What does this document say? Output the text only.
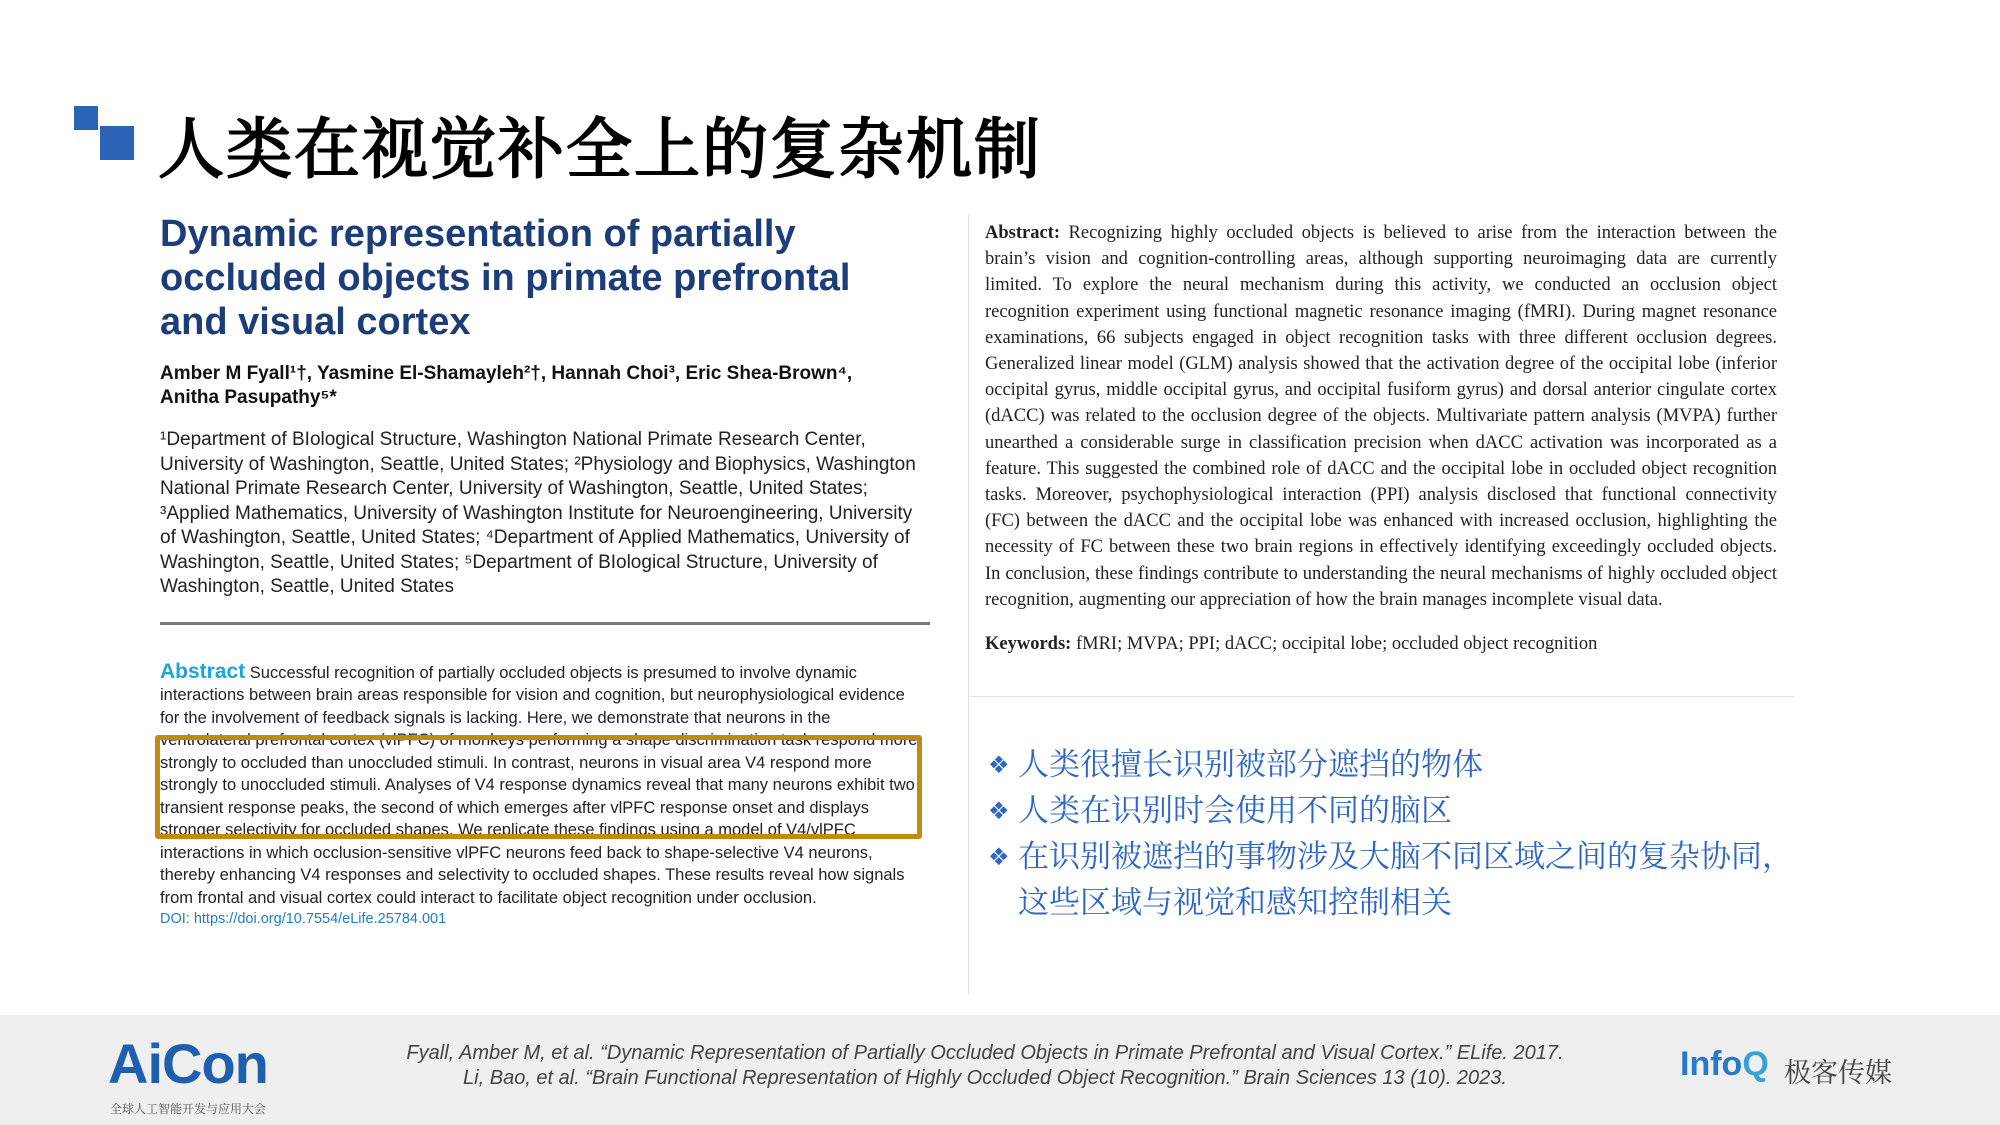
人类在视觉补全上的复杂机制
Dynamic representation of partially occluded objects in primate prefrontal and visual cortex
Amber M Fyall¹†, Yasmine El-Shamayleh²†, Hannah Choi³, Eric Shea-Brown⁴, Anitha Pasupathy⁵*
¹Department of BIological Structure, Washington National Primate Research Center, University of Washington, Seattle, United States; ²Physiology and Biophysics, Washington National Primate Research Center, University of Washington, Seattle, United States; ³Applied Mathematics, University of Washington Institute for Neuroengineering, University of Washington, Seattle, United States; ⁴Department of Applied Mathematics, University of Washington, Seattle, United States; ⁵Department of BIological Structure, University of Washington, Seattle, United States
Abstract Successful recognition of partially occluded objects is presumed to involve dynamic interactions between brain areas responsible for vision and cognition, but neurophysiological evidence for the involvement of feedback signals is lacking. Here, we demonstrate that neurons in the ventrolateral prefrontal cortex (vlPFC) of monkeys performing a shape discrimination task respond more strongly to occluded than unoccluded stimuli. In contrast, neurons in visual area V4 respond more strongly to unoccluded stimuli. Analyses of V4 response dynamics reveal that many neurons exhibit two transient response peaks, the second of which emerges after vlPFC response onset and displays stronger selectivity for occluded shapes. We replicate these findings using a model of V4/vlPFC interactions in which occlusion-sensitive vlPFC neurons feed back to shape-selective V4 neurons, thereby enhancing V4 responses and selectivity to occluded shapes. These results reveal how signals from frontal and visual cortex could interact to facilitate object recognition under occlusion.
DOI: https://doi.org/10.7554/eLife.25784.001
Abstract: Recognizing highly occluded objects is believed to arise from the interaction between the brain’s vision and cognition-controlling areas, although supporting neuroimaging data are currently limited. To explore the neural mechanism during this activity, we conducted an occlusion object recognition experiment using functional magnetic resonance imaging (fMRI). During magnet resonance examinations, 66 subjects engaged in object recognition tasks with three different occlusion degrees. Generalized linear model (GLM) analysis showed that the activation degree of the occipital lobe (inferior occipital gyrus, middle occipital gyrus, and occipital fusiform gyrus) and dorsal anterior cingulate cortex (dACC) was related to the occlusion degree of the objects. Multivariate pattern analysis (MVPA) further unearthed a considerable surge in classification precision when dACC activation was incorporated as a feature. This suggested the combined role of dACC and the occipital lobe in occluded object recognition tasks. Moreover, psychophysiological interaction (PPI) analysis disclosed that functional connectivity (FC) between the dACC and the occipital lobe was enhanced with increased occlusion, highlighting the necessity of FC between these two brain regions in effectively identifying exceedingly occluded objects. In conclusion, these findings contribute to understanding the neural mechanisms of highly occluded object recognition, augmenting our appreciation of how the brain manages incomplete visual data.
Keywords: fMRI; MVPA; PPI; dACC; occipital lobe; occluded object recognition
❖ 人类很擅长识别被部分遮挡的物体
❖ 人类在识别时会使用不同的脑区
❖ 在识别被遮挡的事物涉及大脑不同区域之间的复杂协同，这些区域与视觉和感知控制相关
AiCon
全球人工智能开发与应用大会
Fyall, Amber M, et al. “Dynamic Representation of Partially Occluded Objects in Primate Prefrontal and Visual Cortex.” ELife. 2017.
Li, Bao, et al. “Brain Functional Representation of Highly Occluded Object Recognition.” Brain Sciences 13 (10). 2023.	InfoQ 极客传媒
